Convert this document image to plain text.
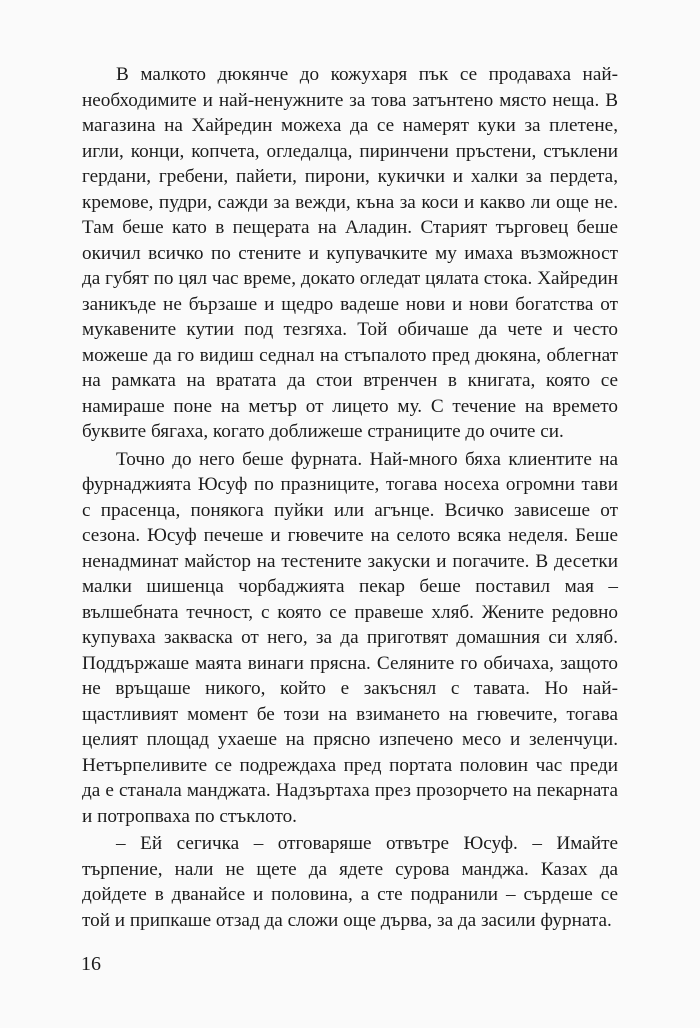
В малкото дюкянче до кожухаря пък се продаваха най-необходимите и най-ненужните за това затънтено място неща. В магазина на Хайредин можеха да се намерят куки за плетене, игли, конци, копчета, огледалца, пиринчени пръстени, стъклени гердани, гребени, пайети, пирони, кукички и халки за пердета, кремове, пудри, сажди за вежди, къна за коси и какво ли още не. Там беше като в пещерата на Аладин. Старият търговец беше окичил всичко по стените и купувачките му имаха възможност да губят по цял час време, докато огледат цялата стока. Хайредин заникъде не бързаше и щедро вадеше нови и нови богатства от мукавените кутии под тезгяха. Той обичаше да чете и често можеше да го видиш седнал на стъпалото пред дюкяна, облегнат на рамката на вратата да стои втренчен в книгата, която се намираше поне на метър от лицето му. С течение на времето буквите бягаха, когато доближеше страниците до очите си.

Точно до него беше фурната. Най-много бяха клиентите на фурнаджията Юсуф по празниците, тогава носеха огромни тави с прасенца, понякога пуйки или агънце. Всичко зависеше от сезона. Юсуф печеше и гювечите на селото всяка неделя. Беше ненадминат майстор на тестените закуски и погачите. В десетки малки шишенца чорбаджията пекар беше поставил мая – вълшебната течност, с която се правеше хляб. Жените редовно купуваха закваска от него, за да приготвят домашния си хляб. Поддържаше маята винаги прясна. Селяните го обичаха, защото не връщаше никого, който е закъснял с тавата. Но най-щастливият момент бе този на взимането на гювечите, тогава целият площад ухаеше на прясно изпечено месо и зеленчуци. Нетърпеливите се подреждаха пред портата половин час преди да е станала манджата. Надзъртаха през прозорчето на пекарната и потропваха по стъклото.

– Ей сегичка – отговаряше отвътре Юсуф. – Имайте търпение, нали не щете да ядете сурова манджа. Казах да дойдете в дванайсе и половина, а сте подранили – сърдеше се той и припкаше отзад да сложи още дърва, за да засили фурната.

16
